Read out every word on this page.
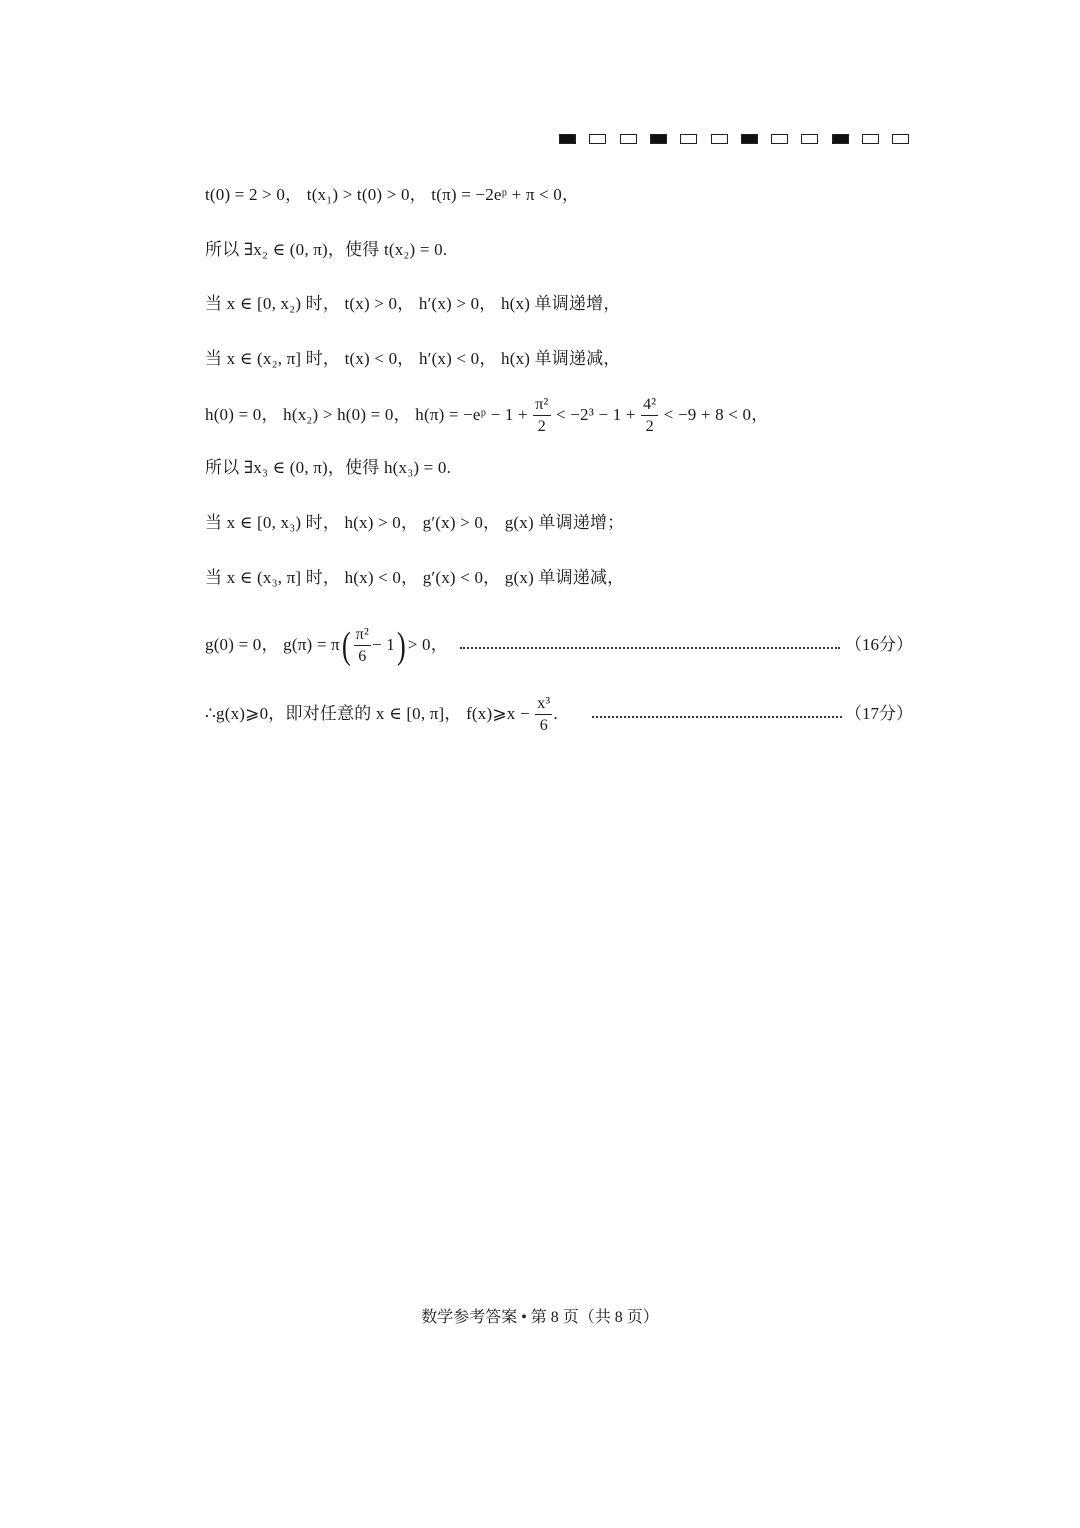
t(0) = 2 > 0， t(x₁) > t(0) > 0， t(π) = −2eᵖ + π < 0，
所以 ∃x₂ ∈ (0, π)，使得 t(x₂) = 0.
当 x ∈ [0, x₂) 时， t(x) > 0， h′(x) > 0， h(x) 单调递增，
当 x ∈ (x₂, π] 时， t(x) < 0， h′(x) < 0， h(x) 单调递减，
h(0) = 0， h(x₂) > h(0) = 0， h(π) = −eᵖ − $1 + \frac{\text{π²}}{2} < -2^3 - 1 + \frac{\text{4²}}{2} < -9 + 8 < 0$，
所以 ∃x₃ ∈ (0, π)，使得 h(x₃) = 0.
当 x ∈ [0, x₃) 时， h(x) > 0， g′(x) > 0， g(x) 单调递增；
当 x ∈ (x₃, π] 时， h(x) < 0， g′(x) < 0， g(x) 单调递减，
g(0) = 0， $g(\pi) = \pi( \frac{\text{π²}}{6} - 1) > 0$，	（16分）
∴g(x)⩾0，即对任意的 x ∈ [0, π]， f(x)⩾x − $\frac{\text{x³}}{6}$ .	（17分）
数学参考答案 • 第 8 页（共 8 页）
